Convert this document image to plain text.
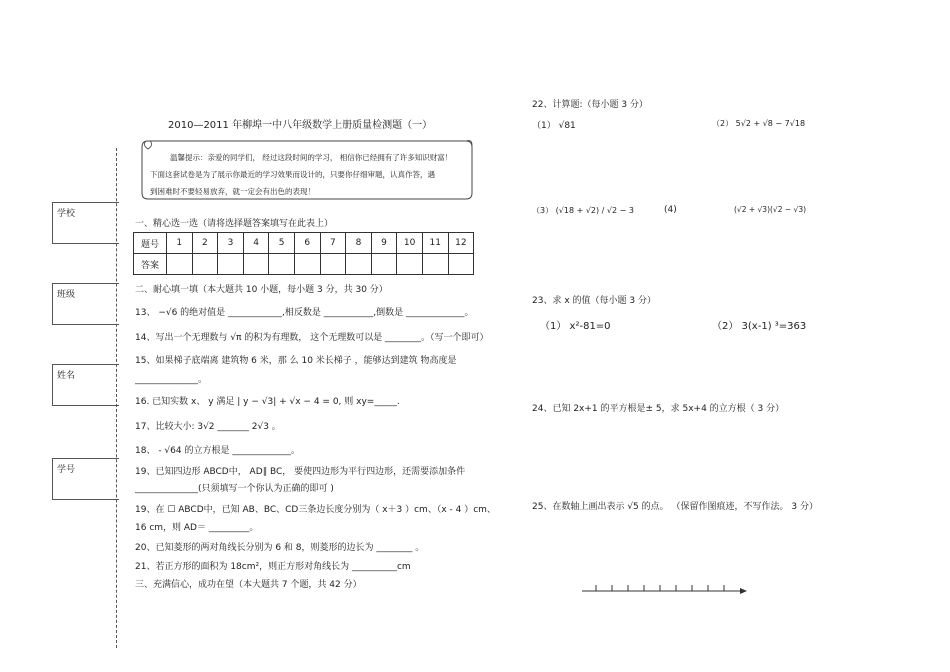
学校
班级
姓名
学号
2010—2011 年柳埠一中八年级数学上册质量检测题（一）
温馨提示：亲爱的同学们， 经过这段时间的学习， 相信你已经拥有了许多知识财富！
下面这套试卷是为了展示你最近的学习效果而设计的，只要你仔细审题，认真作答，遇
到困难时不要轻易放弃，就一定会有出色的表现！
一、精心选一选（请将选择题答案填写在此表上）
题号	1	2	3	4	5	6	7	8	9	10	11	12
答案												
二、耐心填一填（本大题共 10 小题，每小题 3 分，共 30 分）
13、 −√6 的绝对值是 ____________,相反数是 ___________,倒数是 _____________。
14、写出一个无理数与 √π 的积为有理数， 这个无理数可以是 ________。（写一个即可）
15、如果梯子底端离 建筑物 6 米，那 么 10 米长梯子 ，能够达到建筑 物高度是
______________。
16. 已知实数 x、 y 满足 | y − √3| + √x − 4 = 0, 则 xy=_____.
17、比较大小: 3√2 _______ 2√3 。
18、 - √64 的立方根是 _____________。
19、已知四边形 ABCD中， AD∥ BC， 要使四边形为平行四边形，还需要添加条件
______________(只须填写一个你认为正确的即可 )
19、在 ☐ ABCD中，已知 AB、BC、CD三条边长度分别为（ x＋3 ）cm、（x - 4 ）cm、
16 cm，则 AD＝ _________。
20、已知菱形的两对角线长分别为 6 和 8，则菱形的边长为 ________ 。
21、若正方形的面积为 18cm²，则正方形对角线长为 __________cm
三、充满信心，成功在望（本大题共 7 个题，共 42 分）
22、计算题:（每小题 3 分）
（1） √81	（2） 5√2 + √8 − 7√18
（3） (√18 + √2) / √2 − 3	(4)	(√2 + √3)(√2 − √3)
23、求 x 的值（每小题 3 分）
（1） x²-81=0	（2） 3(x-1) ³=363
24、已知 2x+1 的平方根是± 5，求 5x+4 的立方根（ 3 分）
25、在数轴上画出表示 √5 的点。 （保留作图痕迹，不写作法。 3 分）
